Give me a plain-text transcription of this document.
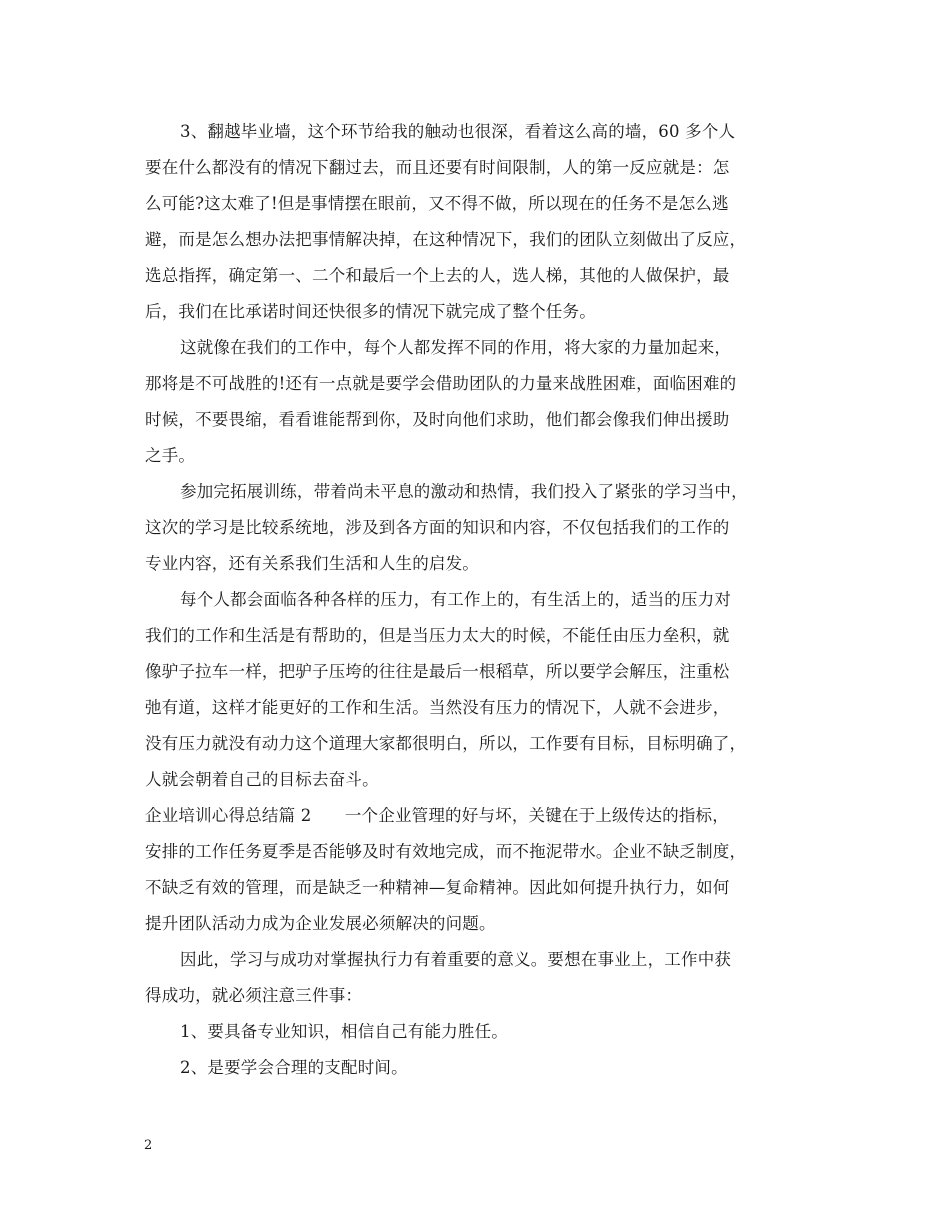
3、翻越毕业墙，这个环节给我的触动也很深，看着这么高的墙，60 多个人
要在什么都没有的情况下翻过去，而且还要有时间限制，人的第一反应就是：怎
么可能?这太难了!但是事情摆在眼前，又不得不做，所以现在的任务不是怎么逃
避，而是怎么想办法把事情解决掉，在这种情况下，我们的团队立刻做出了反应，
选总指挥，确定第一、二个和最后一个上去的人，选人梯，其他的人做保护，最
后，我们在比承诺时间还快很多的情况下就完成了整个任务。
这就像在我们的工作中，每个人都发挥不同的作用，将大家的力量加起来，
那将是不可战胜的!还有一点就是要学会借助团队的力量来战胜困难，面临困难的
时候，不要畏缩，看看谁能帮到你，及时向他们求助，他们都会像我们伸出援助
之手。
参加完拓展训练，带着尚未平息的激动和热情，我们投入了紧张的学习当中，
这次的学习是比较系统地，涉及到各方面的知识和内容，不仅包括我们的工作的
专业内容，还有关系我们生活和人生的启发。
每个人都会面临各种各样的压力，有工作上的，有生活上的，适当的压力对
我们的工作和生活是有帮助的，但是当压力太大的时候，不能任由压力垒积，就
像驴子拉车一样，把驴子压垮的往往是最后一根稻草，所以要学会解压，注重松
弛有道，这样才能更好的工作和生活。当然没有压力的情况下，人就不会进步，
没有压力就没有动力这个道理大家都很明白，所以，工作要有目标，目标明确了，
人就会朝着自己的目标去奋斗。
企业培训心得总结篇 2　　一个企业管理的好与坏，关键在于上级传达的指标，
安排的工作任务夏季是否能够及时有效地完成，而不拖泥带水。企业不缺乏制度，
不缺乏有效的管理，而是缺乏一种精神—复命精神。因此如何提升执行力，如何
提升团队活动力成为企业发展必须解决的问题。
因此，学习与成功对掌握执行力有着重要的意义。要想在事业上，工作中获
得成功，就必须注意三件事：
1、要具备专业知识，相信自己有能力胜任。
2、是要学会合理的支配时间。
2
